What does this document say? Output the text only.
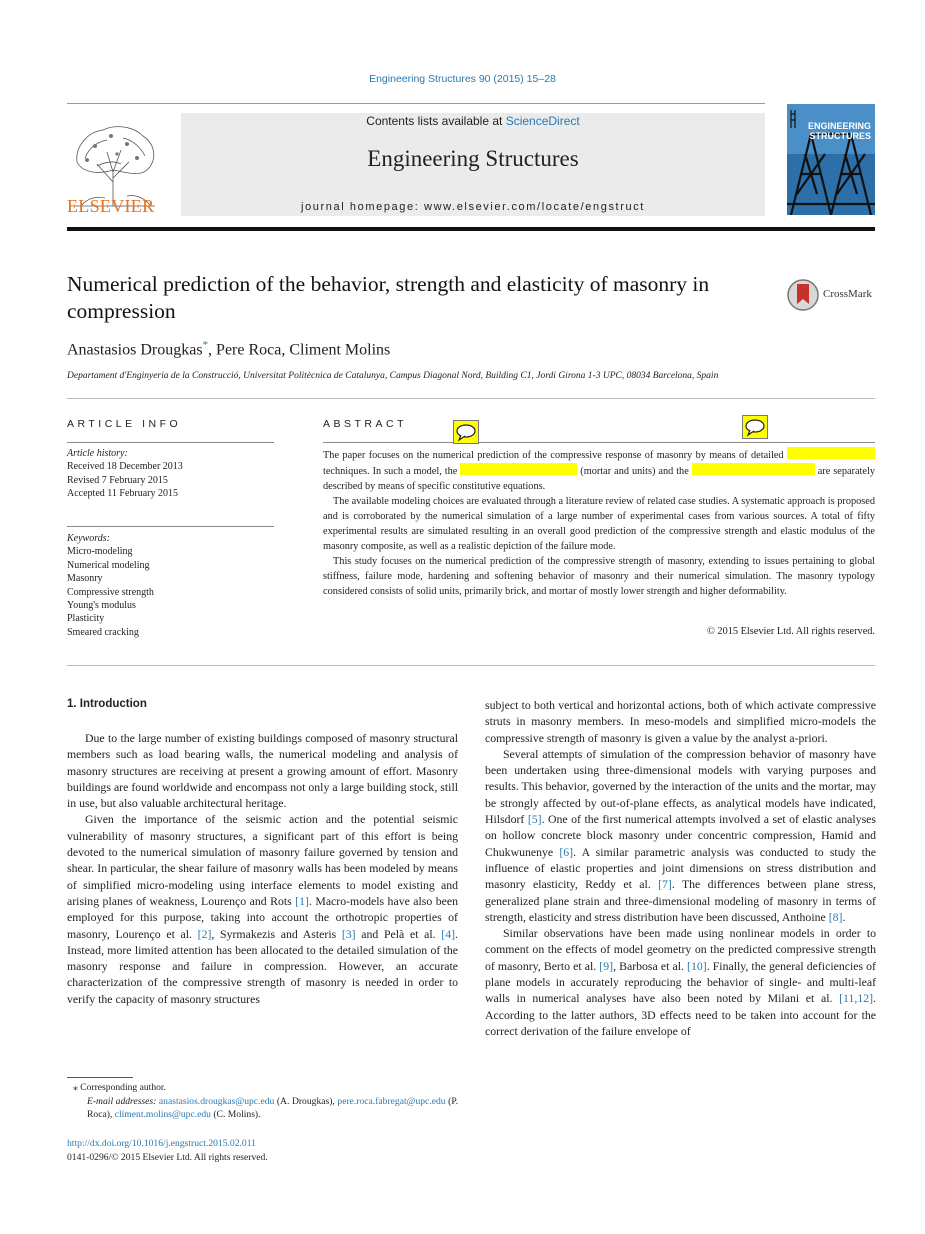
Engineering Structures 90 (2015) 15–28
ELSEVIER
Contents lists available at ScienceDirect
Engineering Structures
journal homepage: www.elsevier.com/locate/engstruct
ENGINEERING
STRUCTURES
Numerical prediction of the behavior, strength and elasticity of masonry in compression
CrossMark
Anastasios Drougkas*, Pere Roca, Climent Molins
Departament d'Enginyeria de la Construcció, Universitat Politècnica de Catalunya, Campus Diagonal Nord, Building C1, Jordi Girona 1-3 UPC, 08034 Barcelona, Spain
ARTICLE INFO
Article history:
Received 18 December 2013
Revised 7 February 2015
Accepted 11 February 2015
Keywords:
Micro-modeling
Numerical modeling
Masonry
Compressive strength
Young's modulus
Plasticity
Smeared cracking
ABSTRACT

The paper focuses on the numerical prediction of the compressive response of masonry by means of detailed  techniques. In such a model, the	(mortar and units) and the	are separately described by means of specific constitutive equations.

The available modeling choices are evaluated through a literature review of related case studies. A systematic approach is proposed and is corroborated by the numerical simulation of a large number of experimental cases from various sources. A total of fifty experimental results are simulated resulting in an overall good prediction of the compressive strength and elastic modulus of the masonry composite, as well as a realistic depiction of the failure mode.

This study focuses on the numerical prediction of the compressive strength of masonry, extending to issues pertaining to global stiffness, failure mode, hardening and softening behavior of masonry and their numerical simulation. The masonry typology considered consists of solid units, primarily brick, and mortar of mostly lower strength and higher deformability.

© 2015 Elsevier Ltd. All rights reserved.
1. Introduction

Due to the large number of existing buildings composed of masonry structural members such as load bearing walls, the numerical modeling and analysis of masonry structures are receiving at present a growing amount of effort. Masonry buildings are found worldwide and encompass not only a large building stock, still in use, but also valuable architectural heritage.

Given the importance of the seismic action and the potential seismic vulnerability of masonry structures, a significant part of this effort is being devoted to the numerical simulation of masonry failure governed by tension and shear. In particular, the shear failure of masonry walls has been modeled by means of simplified micro-modeling using interface elements to model existing and arising planes of weakness, Lourenço and Rots [1]. Macro-models have also been employed for this purpose, taking into account the orthotropic properties of masonry, Lourenço et al. [2], Syrmakezis and Asteris [3] and Pelà et al. [4]. Instead, more limited attention has been allocated to the detailed simulation of the masonry response and failure in compression. However, an accurate characterization of the compressive strength of masonry is needed in order to verify the capacity of masonry structures

subject to both vertical and horizontal actions, both of which activate compressive struts in masonry members. In meso-models and simplified micro-models the compressive strength of masonry is given a value by the analyst a-priori.

Several attempts of simulation of the compression behavior of masonry have been undertaken using three-dimensional models with varying purposes and results. This behavior, governed by the interaction of the units and the mortar, may be strongly affected by out-of-plane effects, as analytical models have indicated, Hilsdorf [5]. One of the first numerical attempts involved a set of elastic analyses on hollow concrete block masonry under concentric compression, Hamid and Chukwunenye [6]. A similar parametric analysis was conducted to study the influence of elastic properties and joint dimensions on stress distribution and masonry elasticity, Reddy et al. [7]. The differences between plane stress, generalized plane strain and three-dimensional modeling of masonry in terms of strength, elasticity and stress distribution have been discussed, Anthoine [8].

Similar observations have been made using nonlinear models in order to comment on the effects of model geometry on the predicted compressive strength of masonry, Berto et al. [9], Barbosa et al. [10]. Finally, the general deficiencies of plane models in accurately reproducing the behavior of single- and multi-leaf walls in numerical analyses have also been noted by Milani et al. [11,12]. According to the latter authors, 3D effects need to be taken into account for the correct derivation of the failure envelope of

⁎ Corresponding author.
E-mail addresses: anastasios.drougkas@upc.edu (A. Drougkas), pere.roca.fabregat@upc.edu (P. Roca), climent.molins@upc.edu (C. Molins).
http://dx.doi.org/10.1016/j.engstruct.2015.02.011
0141-0296/© 2015 Elsevier Ltd. All rights reserved.
